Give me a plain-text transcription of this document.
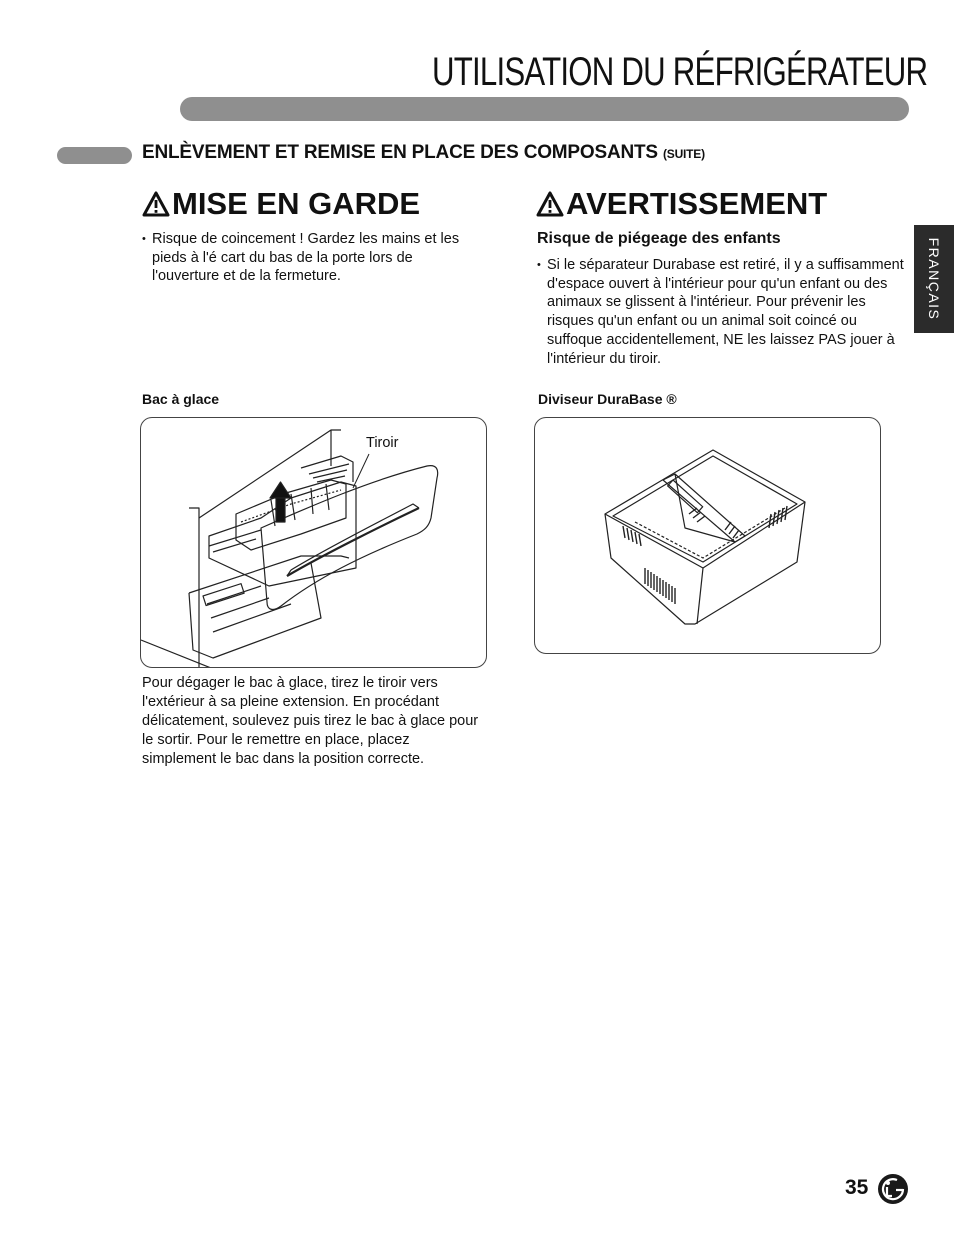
UTILISATION DU RÉFRIGÉRATEUR
ENLÈVEMENT ET REMISE EN PLACE DES COMPOSANTS (SUITE)
MISE EN GARDE
• Risque de coincement ! Gardez les mains et les pieds à l'é cart du bas de la porte lors de l'ouverture et de la fermeture.
AVERTISSEMENT
Risque de piégeage des enfants
• Si le séparateur Durabase est retiré, il y a suffisamment d'espace ouvert à l'intérieur pour qu'un enfant ou des animaux se glissent à l'intérieur. Pour prévenir les risques qu'un enfant ou un animal soit coincé ou suffoque accidentellement, NE les laissez PAS jouer à l'intérieur du tiroir.
Bac à glace	Diviseur DuraBase ®
Tiroir
Pour dégager le bac à glace, tirez le tiroir vers l'extérieur à sa pleine extension. En procédant délicatement, soulevez puis tirez le bac à glace pour le sortir. Pour le remettre en place, placez simplement le bac dans la position correcte.
FRANÇAIS
35
